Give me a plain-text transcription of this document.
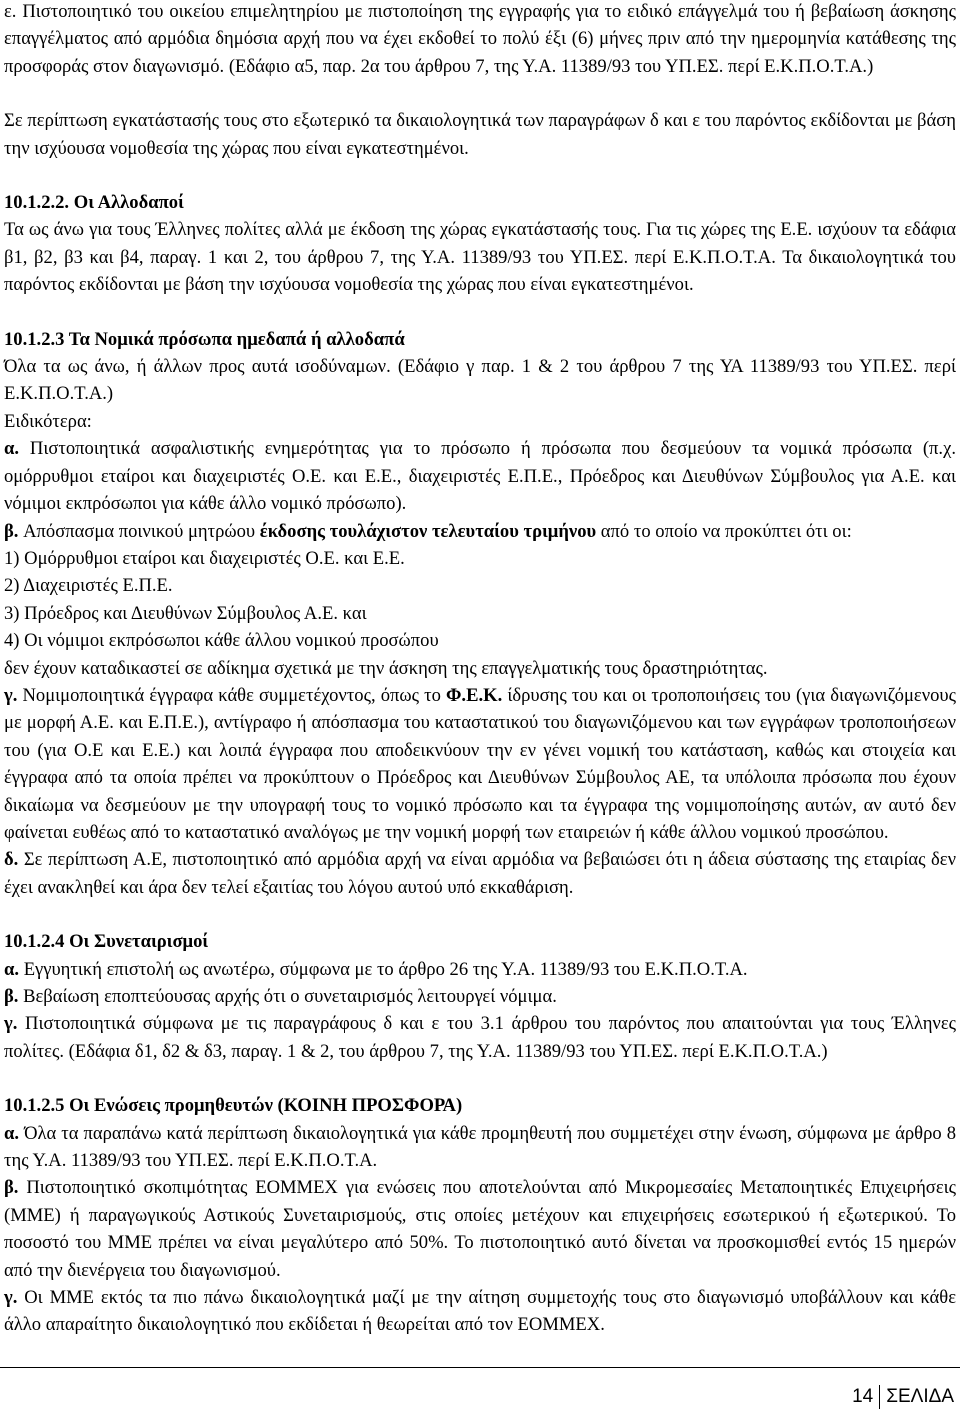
ε. Πιστοποιητικό του οικείου επιμελητηρίου με πιστοποίηση της εγγραφής για το ειδικό επάγγελμά του ή βεβαίωση άσκησης επαγγέλματος από αρμόδια δημόσια αρχή που να έχει εκδοθεί το πολύ έξι (6) μήνες πριν από την ημερομηνία κατάθεσης της προσφοράς στον διαγωνισμό. (Εδάφιο α5, παρ. 2α του άρθρου 7, της Υ.Α. 11389/93 του ΥΠ.ΕΣ. περί Ε.Κ.Π.Ο.Τ.Α.)

Σε περίπτωση εγκατάστασής τους στο εξωτερικό τα δικαιολογητικά των παραγράφων δ και ε του παρόντος εκδίδονται με βάση την ισχύουσα νομοθεσία της χώρας που είναι εγκατεστημένοι.

10.1.2.2. Οι Αλλοδαποί

Τα ως άνω για τους Έλληνες πολίτες αλλά με έκδοση της χώρας εγκατάστασής τους. Για τις χώρες της Ε.Ε. ισχύουν τα εδάφια β1, β2, β3 και β4, παραγ. 1 και 2, του άρθρου 7, της Υ.Α. 11389/93 του ΥΠ.ΕΣ. περί Ε.Κ.Π.Ο.Τ.Α. Τα δικαιολογητικά του παρόντος εκδίδονται με βάση την ισχύουσα νομοθεσία της χώρας που είναι εγκατεστημένοι.

10.1.2.3 Τα Νομικά πρόσωπα ημεδαπά ή αλλοδαπά

Όλα τα ως άνω, ή άλλων προς αυτά ισοδύναμων. (Εδάφιο γ παρ. 1 & 2 του άρθρου 7 της ΥΑ 11389/93 του ΥΠ.ΕΣ. περί Ε.Κ.Π.Ο.Τ.Α.)

Ειδικότερα:

α. Πιστοποιητικά ασφαλιστικής ενημερότητας για το πρόσωπο ή πρόσωπα που δεσμεύουν τα νομικά πρόσωπα (π.χ. ομόρρυθμοι εταίροι και διαχειριστές Ο.Ε. και Ε.Ε., διαχειριστές Ε.Π.Ε., Πρόεδρος και Διευθύνων Σύμβουλος για Α.Ε. και νόμιμοι εκπρόσωποι για κάθε άλλο νομικό πρόσωπο).

β. Απόσπασμα ποινικού μητρώου έκδοσης τουλάχιστον τελευταίου τριμήνου από το οποίο να προκύπτει ότι οι:

1) Ομόρρυθμοι εταίροι και διαχειριστές Ο.Ε. και Ε.Ε.

2) Διαχειριστές Ε.Π.Ε.

3) Πρόεδρος και Διευθύνων Σύμβουλος Α.Ε. και

4) Οι νόμιμοι εκπρόσωποι κάθε άλλου νομικού προσώπου

δεν έχουν καταδικαστεί σε αδίκημα σχετικά με την άσκηση της επαγγελματικής τους δραστηριότητας.

γ. Νομιμοποιητικά έγγραφα κάθε συμμετέχοντος, όπως το Φ.Ε.Κ. ίδρυσης του και οι τροποποιήσεις του (για διαγωνιζόμενους με μορφή Α.Ε. και Ε.Π.Ε.), αντίγραφο ή απόσπασμα του καταστατικού του διαγωνιζόμενου και των εγγράφων τροποποιήσεων του (για Ο.Ε και Ε.Ε.) και λοιπά έγγραφα που αποδεικνύουν την εν γένει νομική του κατάσταση, καθώς και στοιχεία και έγγραφα από τα οποία πρέπει να προκύπτουν ο Πρόεδρος και Διευθύνων Σύμβουλος ΑΕ, τα υπόλοιπα πρόσωπα που έχουν δικαίωμα να δεσμεύουν με την υπογραφή τους το νομικό πρόσωπο και τα έγγραφα της νομιμοποίησης αυτών, αν αυτό δεν φαίνεται ευθέως από το καταστατικό αναλόγως με την νομική μορφή των εταιρειών ή κάθε άλλου νομικού προσώπου.

δ. Σε περίπτωση Α.Ε, πιστοποιητικό από αρμόδια αρχή να είναι αρμόδια να βεβαιώσει ότι η άδεια σύστασης της εταιρίας δεν έχει ανακληθεί και άρα δεν τελεί εξαιτίας του λόγου αυτού υπό εκκαθάριση.

10.1.2.4 Οι Συνεταιρισμοί

α. Εγγυητική επιστολή ως ανωτέρω, σύμφωνα με το άρθρο 26 της Υ.Α. 11389/93 του Ε.Κ.Π.Ο.Τ.Α.

β. Βεβαίωση εποπτεύουσας αρχής ότι ο συνεταιρισμός λειτουργεί νόμιμα.

γ. Πιστοποιητικά σύμφωνα με τις παραγράφους δ και ε του 3.1 άρθρου του παρόντος που απαιτούνται για τους Έλληνες πολίτες. (Εδάφια δ1, δ2 & δ3, παραγ. 1 & 2, του άρθρου 7, της Υ.Α. 11389/93 του ΥΠ.ΕΣ. περί Ε.Κ.Π.Ο.Τ.Α.)

10.1.2.5 Οι Ενώσεις προμηθευτών (ΚΟΙΝΗ ΠΡΟΣΦΟΡΑ)

α. Όλα τα παραπάνω κατά περίπτωση δικαιολογητικά για κάθε προμηθευτή που συμμετέχει στην ένωση, σύμφωνα με άρθρο 8 της Υ.Α. 11389/93 του ΥΠ.ΕΣ. περί Ε.Κ.Π.Ο.Τ.Α.

β. Πιστοποιητικό σκοπιμότητας ΕΟΜΜΕΧ για ενώσεις που αποτελούνται από Μικρομεσαίες Μεταποιητικές Επιχειρήσεις (ΜΜΕ) ή παραγωγικούς Αστικούς Συνεταιρισμούς, στις οποίες μετέχουν και επιχειρήσεις εσωτερικού ή εξωτερικού. Το ποσοστό του ΜΜΕ πρέπει να είναι μεγαλύτερο από 50%. Το πιστοποιητικό αυτό δίνεται να προσκομισθεί εντός 15 ημερών από την διενέργεια του διαγωνισμού.

γ. Οι ΜΜΕ εκτός τα πιο πάνω δικαιολογητικά μαζί με την αίτηση συμμετοχής τους στο διαγωνισμό υποβάλλουν και κάθε άλλο απαραίτητο δικαιολογητικό που εκδίδεται ή θεωρείται από τον ΕΟΜΜΕΧ.

14 ΣΕΛΙΔΑ
